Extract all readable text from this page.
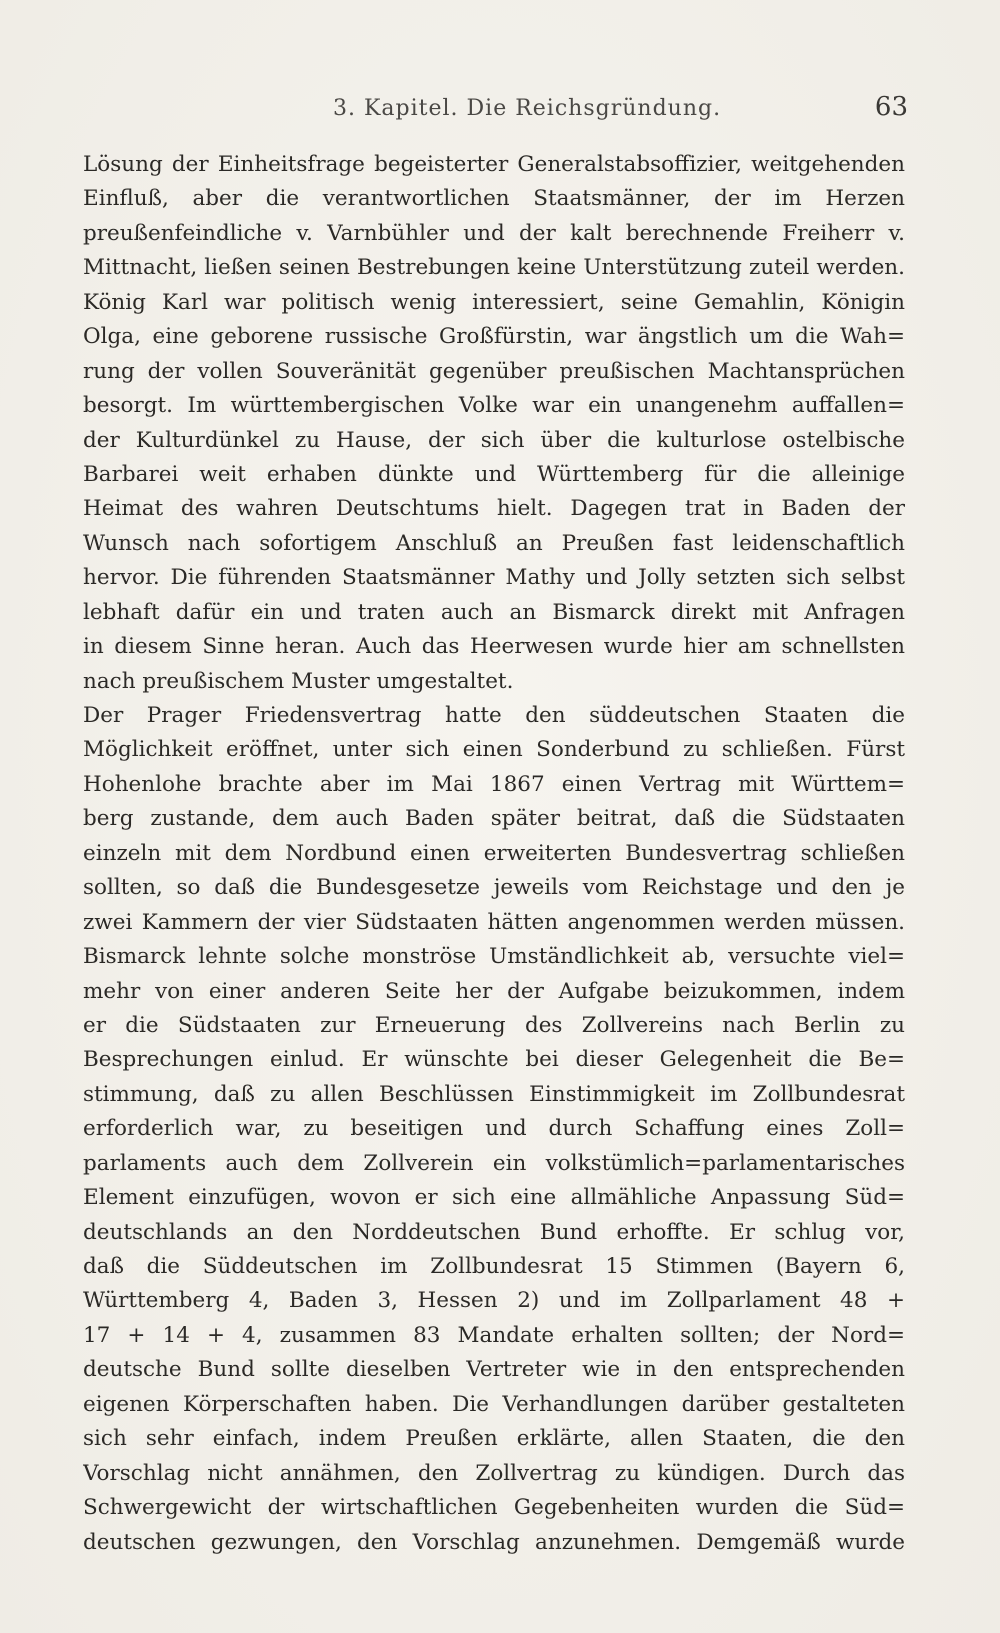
3. Kapitel. Die Reichsgründung.	63
Lösung der Einheitsfrage begeisterter Generalstabsoffizier, weitgehenden
Einfluß, aber die verantwortlichen Staatsmänner, der im Herzen
preußenfeindliche v. Varnbühler und der kalt berechnende Freiherr v.
Mittnacht, ließen seinen Bestrebungen keine Unterstützung zuteil werden.
König Karl war politisch wenig interessiert, seine Gemahlin, Königin
Olga, eine geborene russische Großfürstin, war ängstlich um die Wah=
rung der vollen Souveränität gegenüber preußischen Machtansprüchen
besorgt. Im württembergischen Volke war ein unangenehm auffallen=
der Kulturdünkel zu Hause, der sich über die kulturlose ostelbische
Barbarei weit erhaben dünkte und Württemberg für die alleinige
Heimat des wahren Deutschtums hielt. Dagegen trat in Baden der
Wunsch nach sofortigem Anschluß an Preußen fast leidenschaftlich
hervor. Die führenden Staatsmänner Mathy und Jolly setzten sich selbst
lebhaft dafür ein und traten auch an Bismarck direkt mit Anfragen
in diesem Sinne heran. Auch das Heerwesen wurde hier am schnellsten
nach preußischem Muster umgestaltet.
Der Prager Friedensvertrag hatte den süddeutschen Staaten die
Möglichkeit eröffnet, unter sich einen Sonderbund zu schließen. Fürst
Hohenlohe brachte aber im Mai 1867 einen Vertrag mit Württem=
berg zustande, dem auch Baden später beitrat, daß die Südstaaten
einzeln mit dem Nordbund einen erweiterten Bundesvertrag schließen
sollten, so daß die Bundesgesetze jeweils vom Reichstage und den je
zwei Kammern der vier Südstaaten hätten angenommen werden müssen.
Bismarck lehnte solche monströse Umständlichkeit ab, versuchte viel=
mehr von einer anderen Seite her der Aufgabe beizukommen, indem
er die Südstaaten zur Erneuerung des Zollvereins nach Berlin zu
Besprechungen einlud. Er wünschte bei dieser Gelegenheit die Be=
stimmung, daß zu allen Beschlüssen Einstimmigkeit im Zollbundesrat
erforderlich war, zu beseitigen und durch Schaffung eines Zoll=
parlaments auch dem Zollverein ein volkstümlich=parlamentarisches
Element einzufügen, wovon er sich eine allmähliche Anpassung Süd=
deutschlands an den Norddeutschen Bund erhoffte. Er schlug vor,
daß die Süddeutschen im Zollbundesrat 15 Stimmen (Bayern 6,
Württemberg 4, Baden 3, Hessen 2) und im Zollparlament 48 +
17 + 14 + 4, zusammen 83 Mandate erhalten sollten; der Nord=
deutsche Bund sollte dieselben Vertreter wie in den entsprechenden
eigenen Körperschaften haben. Die Verhandlungen darüber gestalteten
sich sehr einfach, indem Preußen erklärte, allen Staaten, die den
Vorschlag nicht annähmen, den Zollvertrag zu kündigen. Durch das
Schwergewicht der wirtschaftlichen Gegebenheiten wurden die Süd=
deutschen gezwungen, den Vorschlag anzunehmen. Demgemäß wurde
